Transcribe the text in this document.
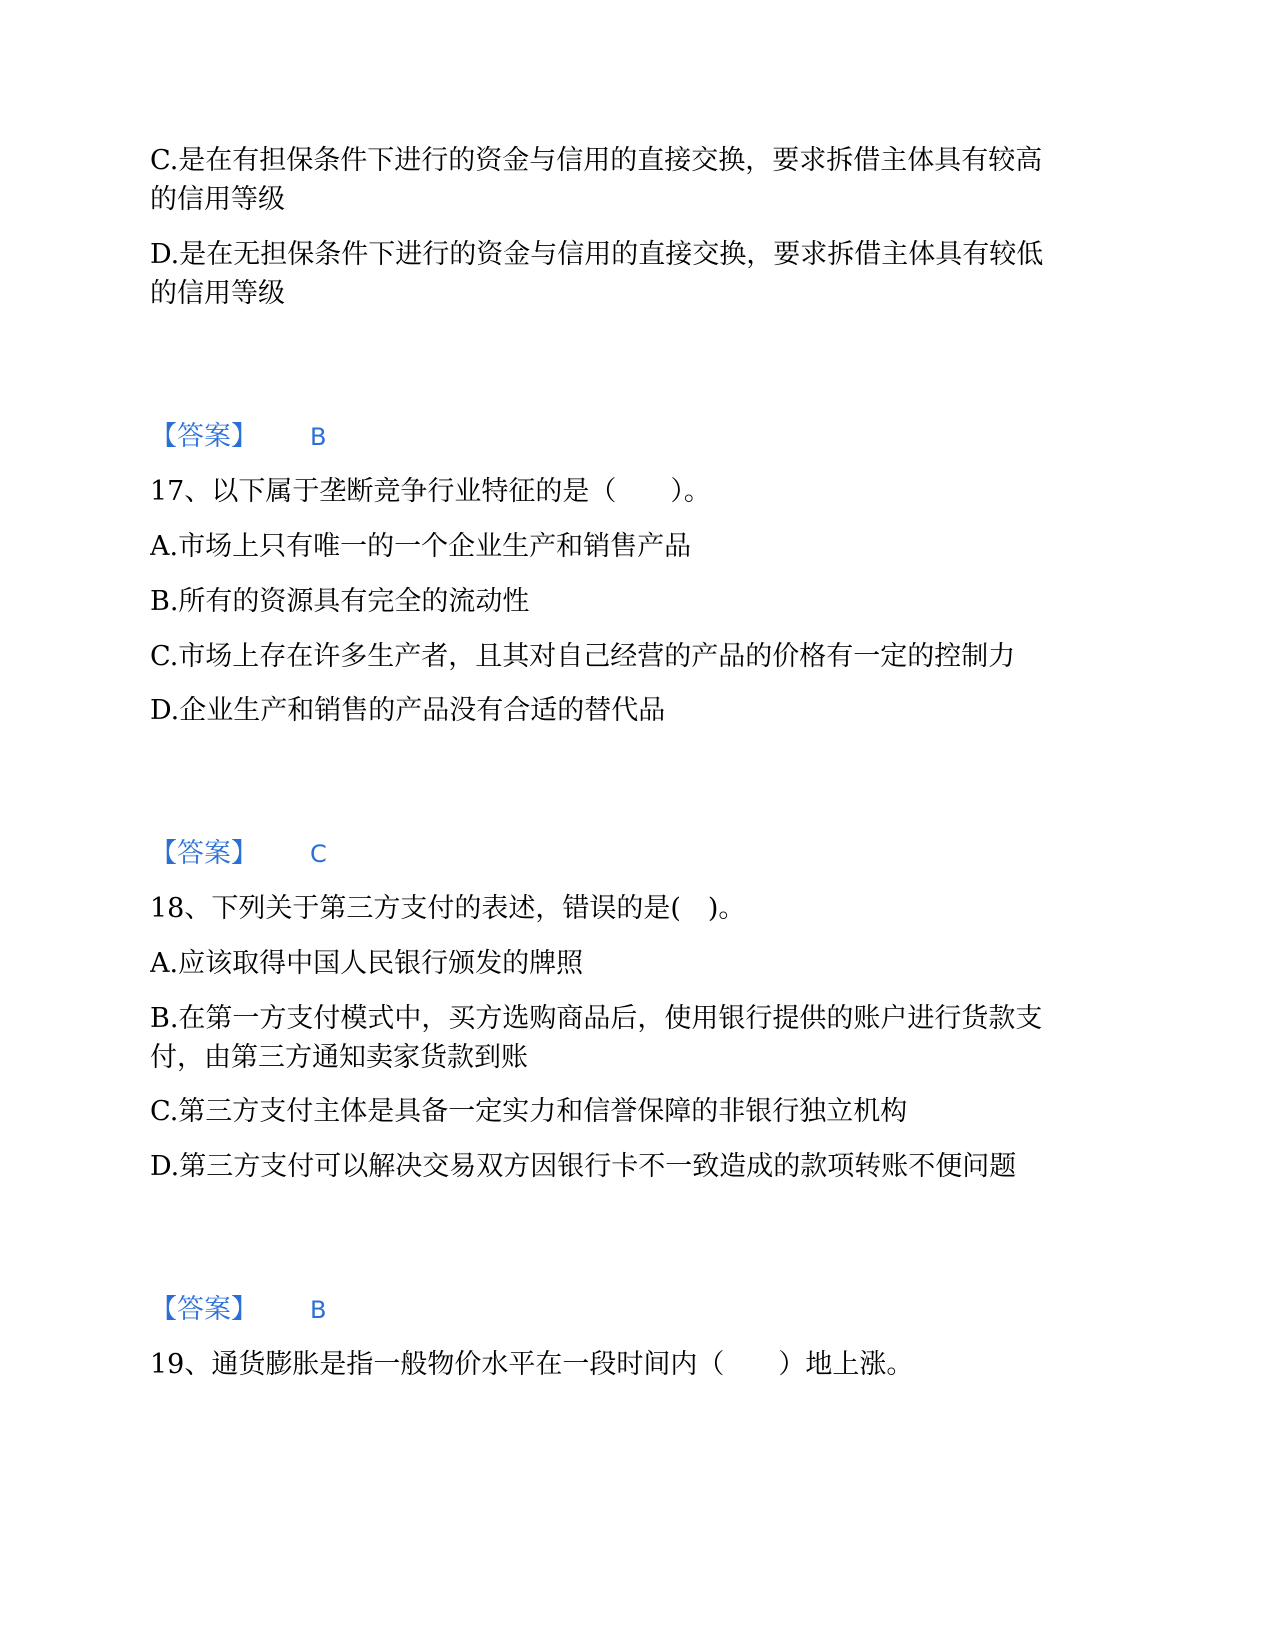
C.是在有担保条件下进行的资金与信用的直接交换，要求拆借主体具有较高
的信用等级
D.是在无担保条件下进行的资金与信用的直接交换，要求拆借主体具有较低
的信用等级
【答案】 B
17、以下属于垄断竞争行业特征的是（　　）。
A.市场上只有唯一的一个企业生产和销售产品
B.所有的资源具有完全的流动性
C.市场上存在许多生产者，且其对自己经营的产品的价格有一定的控制力
D.企业生产和销售的产品没有合适的替代品
【答案】 C
18、下列关于第三方支付的表述，错误的是(　)。
A.应该取得中国人民银行颁发的牌照
B.在第一方支付模式中，买方选购商品后，使用银行提供的账户进行货款支
付，由第三方通知卖家货款到账
C.第三方支付主体是具备一定实力和信誉保障的非银行独立机构
D.第三方支付可以解决交易双方因银行卡不一致造成的款项转账不便问题
【答案】 B
19、通货膨胀是指一般物价水平在一段时间内（　　）地上涨。
